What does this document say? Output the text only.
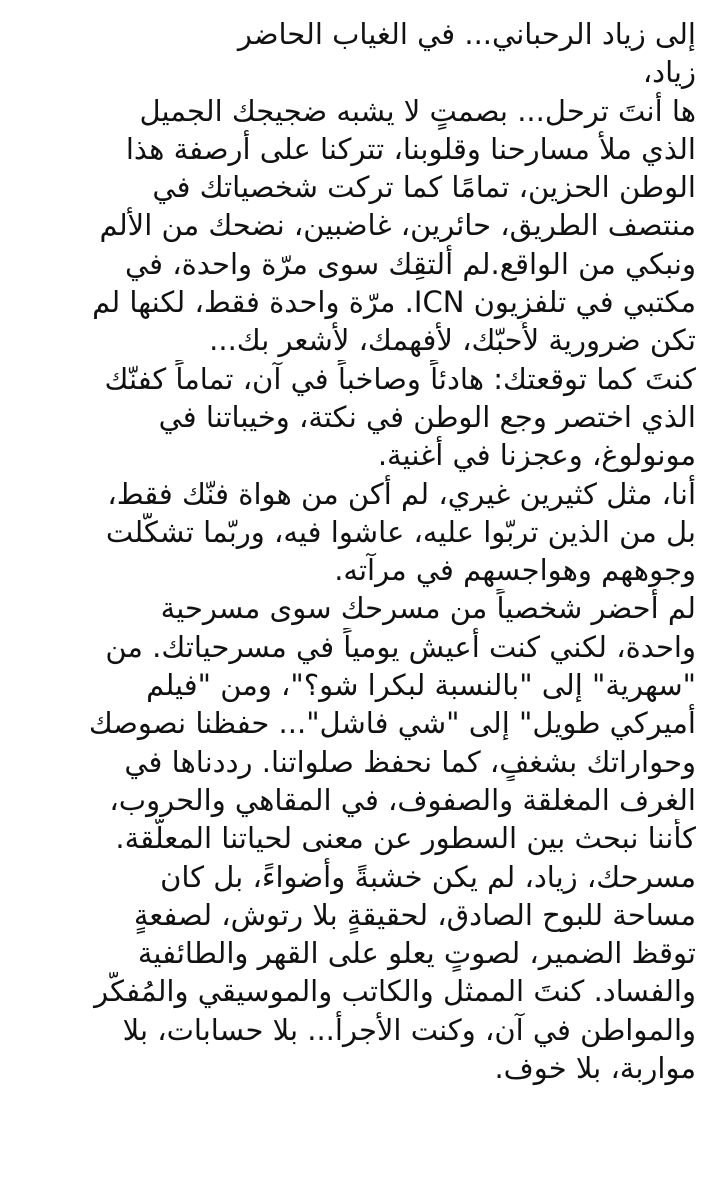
إلى زياد الرحباني... في الغياب الحاضر
زياد،
ها أنتَ ترحل... بصمتٍ لا يشبه ضجيجك الجميل
الذي ملأ مسارحنا وقلوبنا، تتركنا على أرصفة هذا
الوطن الحزين، تمامًا كما تركت شخصياتك في
منتصف الطريق، حائرين، غاضبين، نضحك من الألم
ونبكي من الواقع.لم ألتقِك سوى مرّة واحدة، في
مكتبي في تلفزيون ICN. مرّة واحدة فقط، لكنها لم
تكن ضرورية لأُحبّك، لأفهمك، لأشعر بك...
كنتَ كما توقعتك: هادئاً وصاخباً في آن، تماماً كفنّك
الذي اختصر وجع الوطن في نكتة، وخيباتنا في
مونولوغ، وعجزنا في أغنية.
أنا، مثل كثيرين غيري، لم أكن من هواة فنّك فقط،
بل من الذين تربّوا عليه، عاشوا فيه، وربّما تشكّلت
وجوههم وهواجسهم في مرآته.
لم أحضر شخصياً من مسرحك سوى مسرحية
واحدة، لكني كنت أعيش يومياً في مسرحياتك. من
"سهرية" إلى "بالنسبة لبكرا شو؟"، ومن "فيلم
أميركي طويل" إلى "شي فاشل"... حفظنا نصوصك
وحواراتك بشغفٍ، كما نحفظ صلواتنا. رددناها في
الغرف المغلقة والصفوف، في المقاهي والحروب،
كأننا نبحث بين السطور عن معنى لحياتنا المعلّقة.
مسرحك، زياد، لم يكن خشبةً وأضواءً، بل كان
مساحة للبوح الصادق، لحقيقةٍ بلا رتوش، لصفعةٍ
توقظ الضمير، لصوتٍ يعلو على القهر والطائفية
والفساد. كنتَ الممثل والكاتب والموسيقي والمُفكّر
والمواطن في آن، وكنت الأجرأ... بلا حسابات، بلا
مواربة، بلا خوف.
